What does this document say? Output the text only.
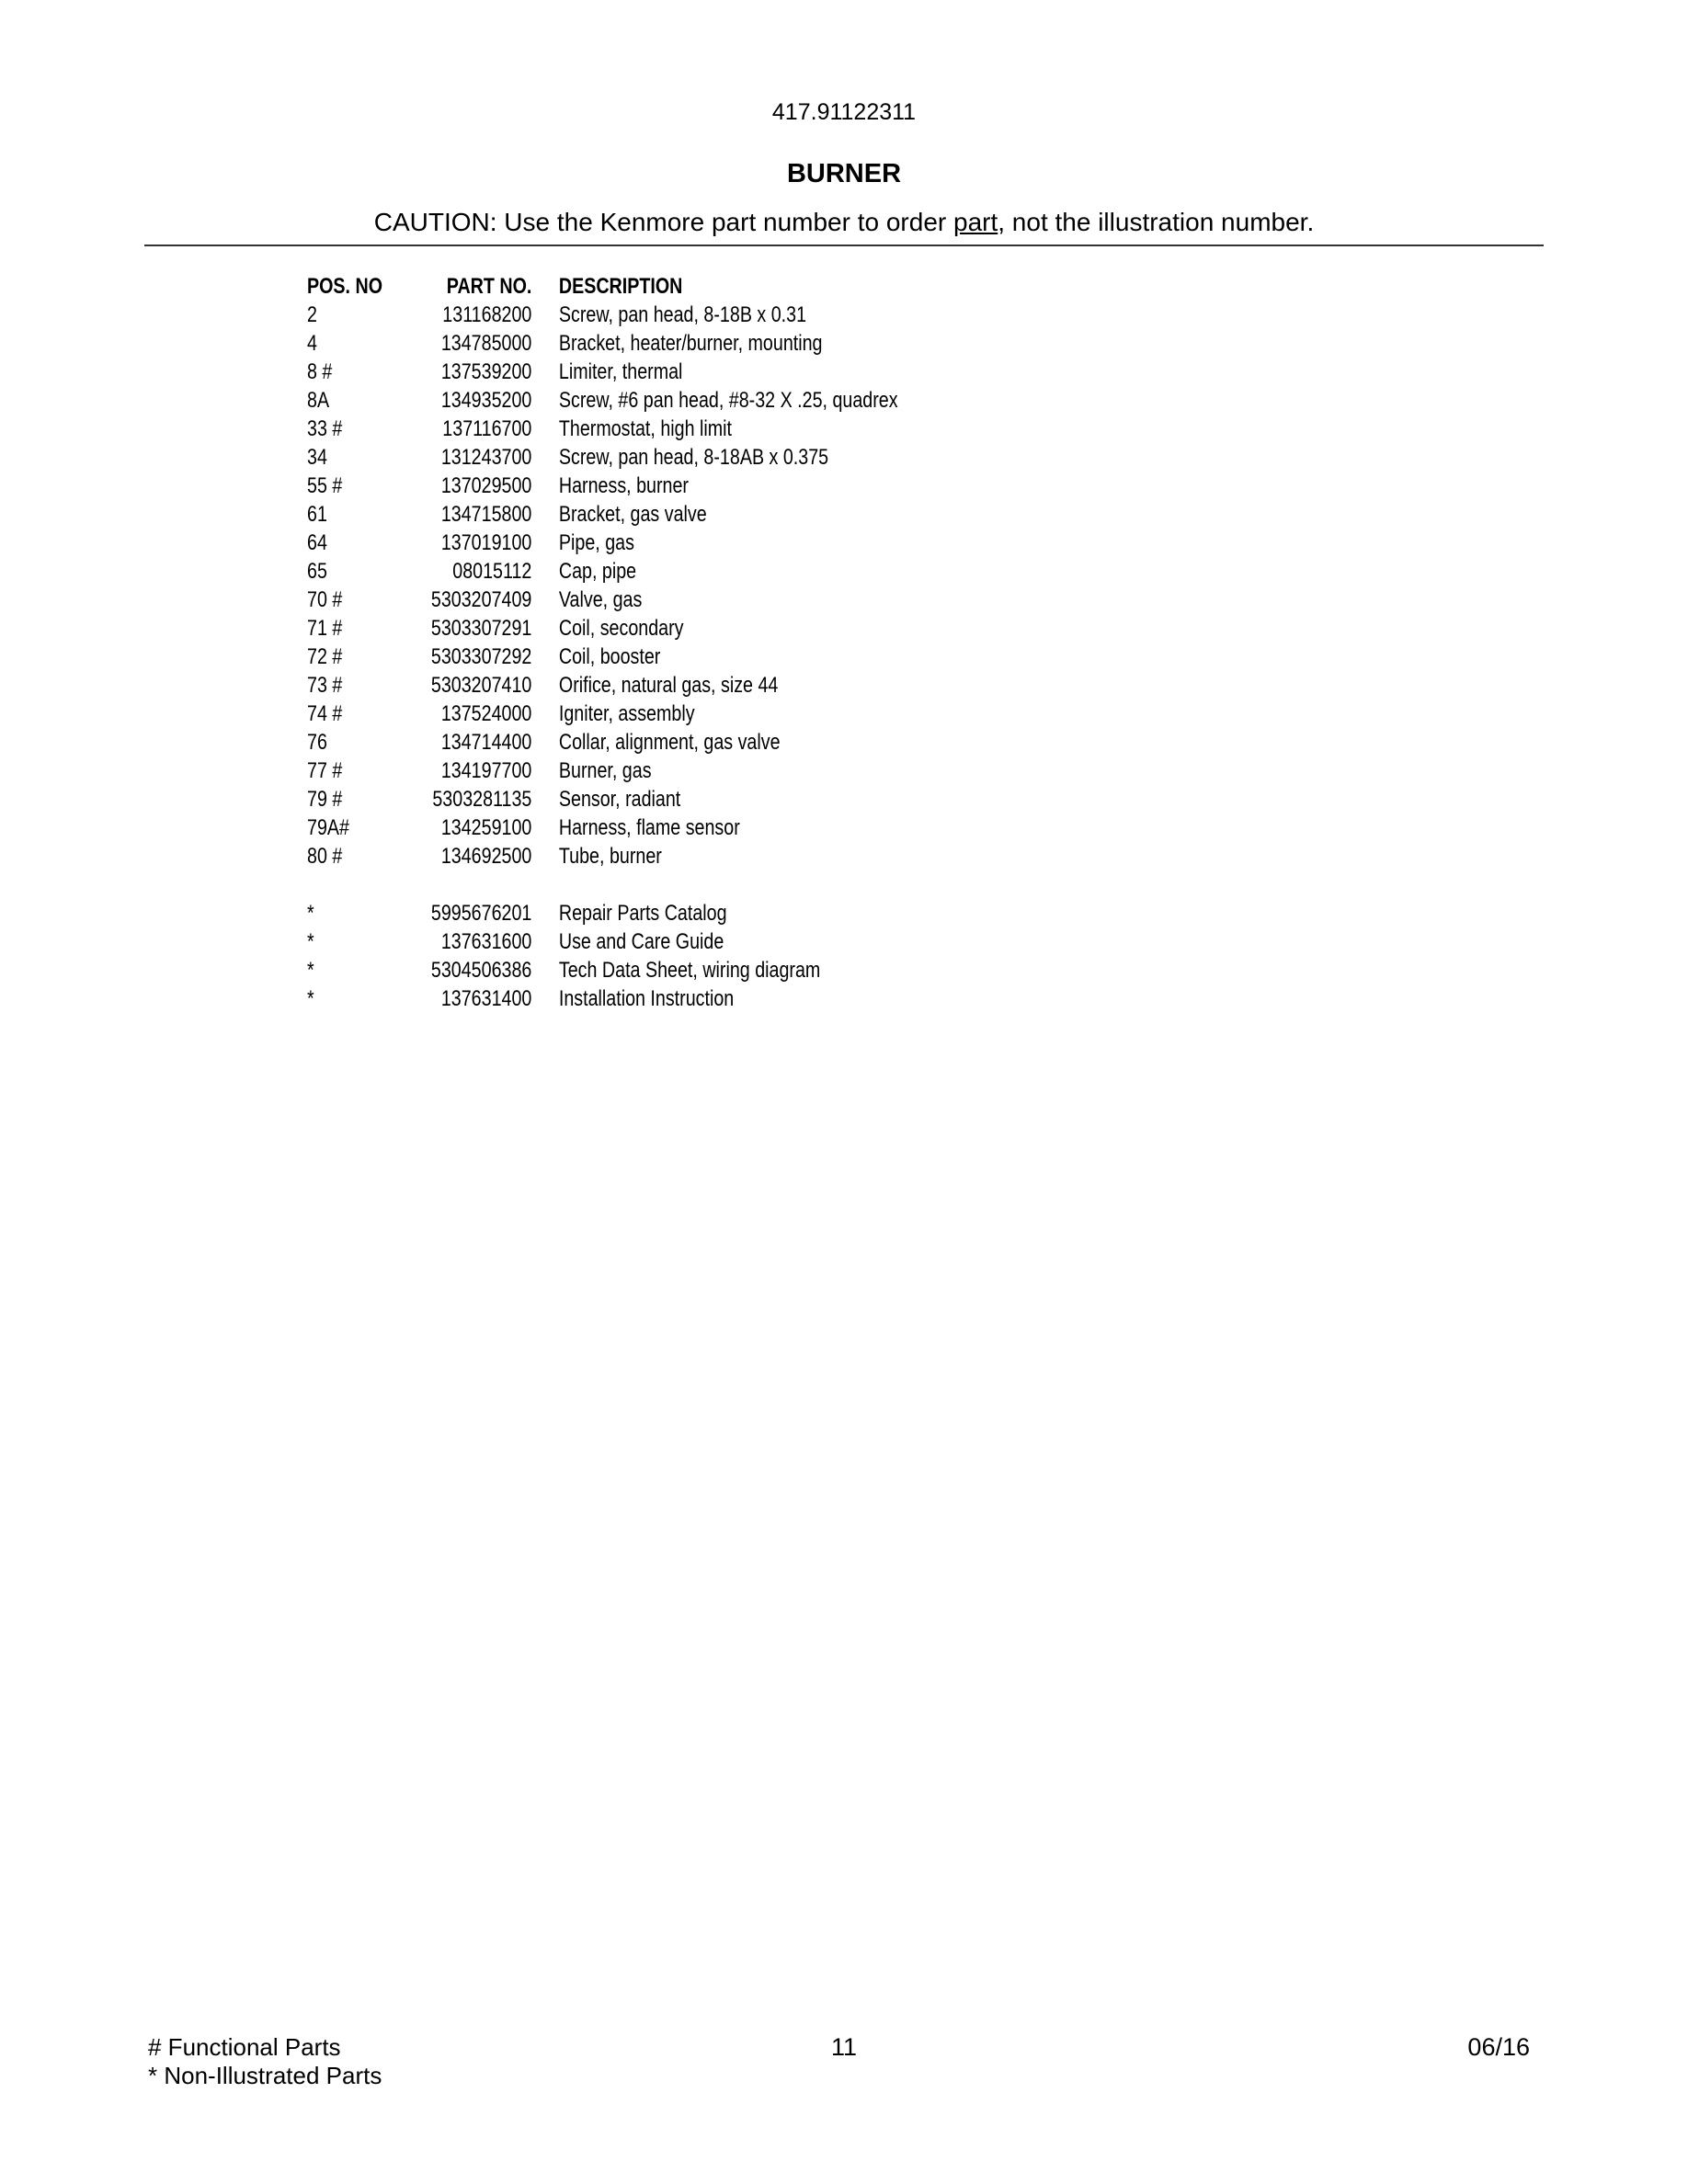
417.91122311
BURNER
CAUTION: Use the Kenmore part number to order part, not the illustration number.
POS. NO	PART NO.	DESCRIPTION
2	131168200	Screw, pan head, 8-18B x 0.31
4	134785000	Bracket, heater/burner, mounting
8 #	137539200	Limiter, thermal
8A	134935200	Screw, #6 pan head, #8-32 X .25, quadrex
33 #	137116700	Thermostat, high limit
34	131243700	Screw, pan head, 8-18AB x 0.375
55 #	137029500	Harness, burner
61	134715800	Bracket, gas valve
64	137019100	Pipe, gas
65	08015112	Cap, pipe
70 #	5303207409	Valve, gas
71 #	5303307291	Coil, secondary
72 #	5303307292	Coil, booster
73 #	5303207410	Orifice, natural gas, size 44
74 #	137524000	Igniter, assembly
76	134714400	Collar, alignment, gas valve
77 #	134197700	Burner, gas
79 #	5303281135	Sensor, radiant
79A#	134259100	Harness, flame sensor
80 #	134692500	Tube, burner
*	5995676201	Repair Parts Catalog
*	137631600	Use and Care Guide
*	5304506386	Tech Data Sheet, wiring diagram
*	137631400	Installation Instruction
# Functional Parts
* Non-Illustrated Parts
11	06/16
